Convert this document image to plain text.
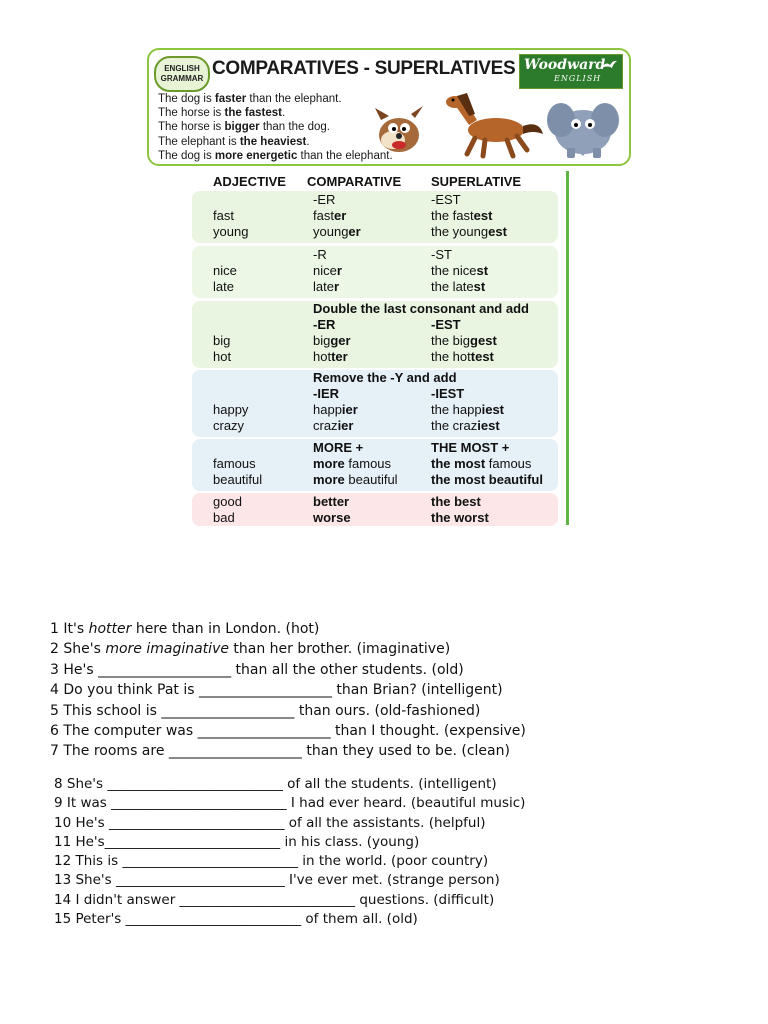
ENGLISH
GRAMMAR COMPARATIVES - SUPERLATIVES Woodward
ENGLISH
The dog is faster than the elephant.
The horse is the fastest.
The horse is bigger than the dog.
The elephant is the heaviest.
The dog is more energetic than the elephant.
ADJECTIVE COMPARATIVE SUPERLATIVE
-ER	-EST
fast	faster	the fastest
young	younger	the youngest
-R	-ST
nice	nicer	the nicest
late	later	the latest
Double the last consonant and add
-ER	-EST
big	bigger	the biggest
hot	hotter	the hottest
Remove the -Y and add
-IER	-IEST
happy	happier	the happiest
crazy	crazier	the craziest
MORE +	THE MOST +
famous	more famous	the most famous
beautiful	more beautiful	the most beautiful
good	better	the best
bad	worse	the worst
1 It's hotter here than in London. (hot)
2 She's more imaginative than her brother. (imaginative)
3 He's ___________________ than all the other students. (old)
4 Do you think Pat is ___________________ than Brian? (intelligent)
5 This school is ___________________ than ours. (old-fashioned)
6 The computer was ___________________ than I thought. (expensive)
7 The rooms are ___________________ than they used to be. (clean)
8 She's __________________________ of all the students. (intelligent)
9 It was __________________________ I had ever heard. (beautiful music)
10 He's __________________________ of all the assistants. (helpful)
11 He's__________________________ in his class. (young)
12 This is __________________________ in the world. (poor country)
13 She's _________________________ I've ever met. (strange person)
14 I didn't answer __________________________ questions. (difficult)
15 Peter's __________________________ of them all. (old)
